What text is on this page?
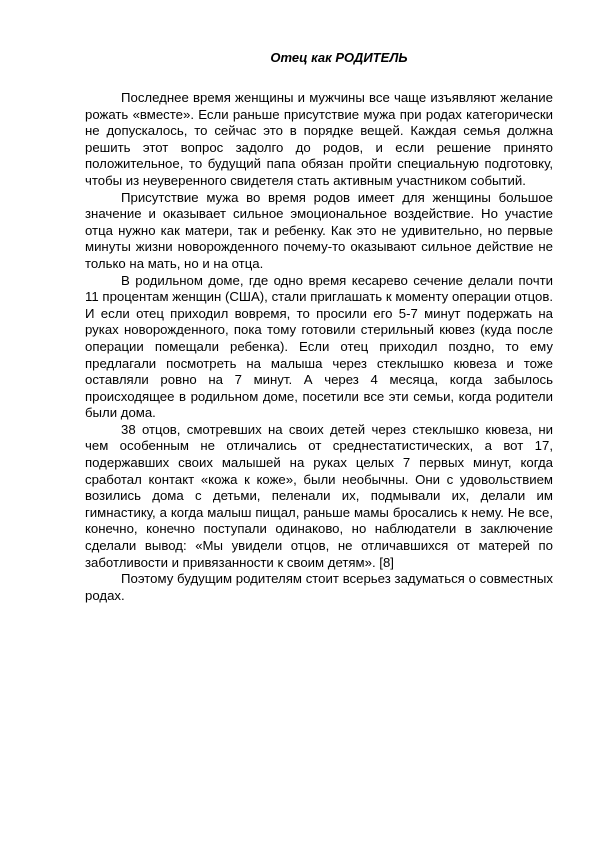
Отец как РОДИТЕЛЬ

Последнее время женщины и мужчины все чаще изъявляют желание рожать «вместе». Если раньше присутствие мужа при родах категорически не допускалось, то сейчас это в порядке вещей. Каждая семья должна решить этот вопрос задолго до родов, и если решение принято положительное, то будущий папа обязан пройти специальную подготовку, чтобы из неуверенного свидетеля стать активным участником событий.

Присутствие мужа во время родов имеет для женщины большое значение и оказывает сильное эмоциональное воздействие. Но участие отца нужно как матери, так и ребенку. Как это не удивительно, но первые минуты жизни новорожденного почему-то оказывают сильное действие не только на мать, но и на отца.

В родильном доме, где одно время кесарево сечение делали почти 11 процентам женщин (США), стали приглашать к моменту операции отцов. И если отец приходил вовремя, то просили его 5-7 минут подержать на руках новорожденного, пока тому готовили стерильный кювез (куда после операции помещали ребенка). Если отец приходил поздно, то ему предлагали посмотреть на малыша через стеклышко кювеза и тоже оставляли ровно на 7 минут. А через 4 месяца, когда забылось происходящее в родильном доме, посетили все эти семьи, когда родители были дома.

38 отцов, смотревших на своих детей через стеклышко кювеза, ни чем особенным не отличались от среднестатистических, а вот 17, подержавших своих малышей на руках целых 7 первых минут, когда сработал контакт «кожа к коже», были необычны. Они с удовольствием возились дома с детьми, пеленали их, подмывали их, делали им гимнастику, а когда малыш пищал, раньше мамы бросались к нему. Не все, конечно, конечно поступали одинаково, но наблюдатели в заключение сделали вывод: «Мы увидели отцов, не отличавшихся от матерей по заботливости и привязанности к своим детям». [8]

Поэтому будущим родителям стоит всерьез задуматься о совместных родах.
